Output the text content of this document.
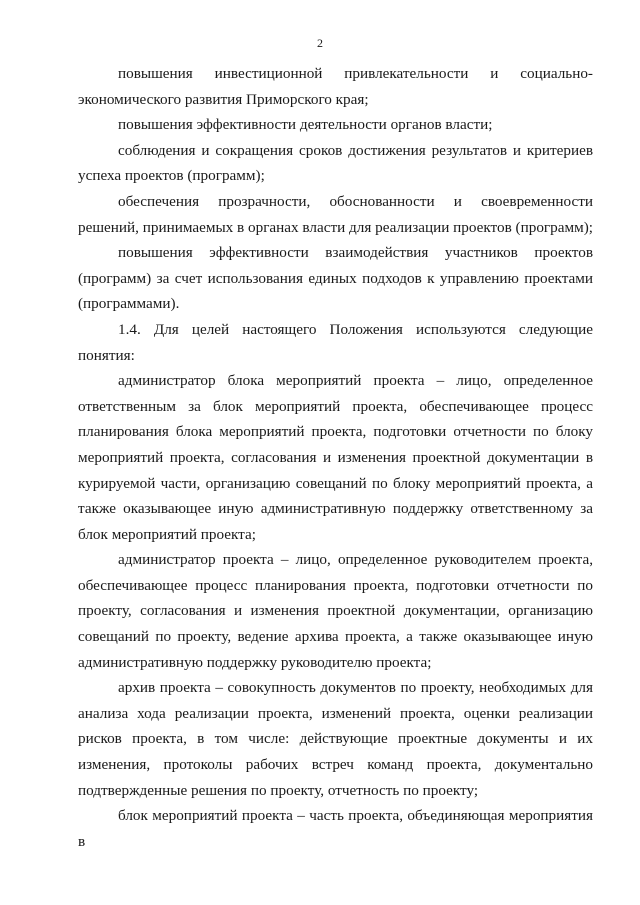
2

повышения инвестиционной привлекательности и социально-экономического развития Приморского края;

повышения эффективности деятельности органов власти;

соблюдения и сокращения сроков достижения результатов и критериев успеха проектов (программ);

обеспечения прозрачности, обоснованности и своевременности решений, принимаемых в органах власти для реализации проектов (программ);

повышения эффективности взаимодействия участников проектов (программ) за счет использования единых подходов к управлению проектами (программами).

1.4. Для целей настоящего Положения используются следующие понятия:

администратор блока мероприятий проекта – лицо, определенное ответственным за блок мероприятий проекта, обеспечивающее процесс планирования блока мероприятий проекта, подготовки отчетности по блоку мероприятий проекта, согласования и изменения проектной документации в курируемой части, организацию совещаний по блоку мероприятий проекта, а также оказывающее иную административную поддержку ответственному за блок мероприятий проекта;

администратор проекта – лицо, определенное руководителем проекта, обеспечивающее процесс планирования проекта, подготовки отчетности по проекту, согласования и изменения проектной документации, организацию совещаний по проекту, ведение архива проекта, а также оказывающее иную административную поддержку руководителю проекта;

архив проекта – совокупность документов по проекту, необходимых для анализа хода реализации проекта, изменений проекта, оценки реализации рисков проекта, в том числе: действующие проектные документы и их изменения, протоколы рабочих встреч команд проекта, документально подтвержденные решения по проекту, отчетность по проекту;

блок мероприятий проекта – часть проекта, объединяющая мероприятия в
